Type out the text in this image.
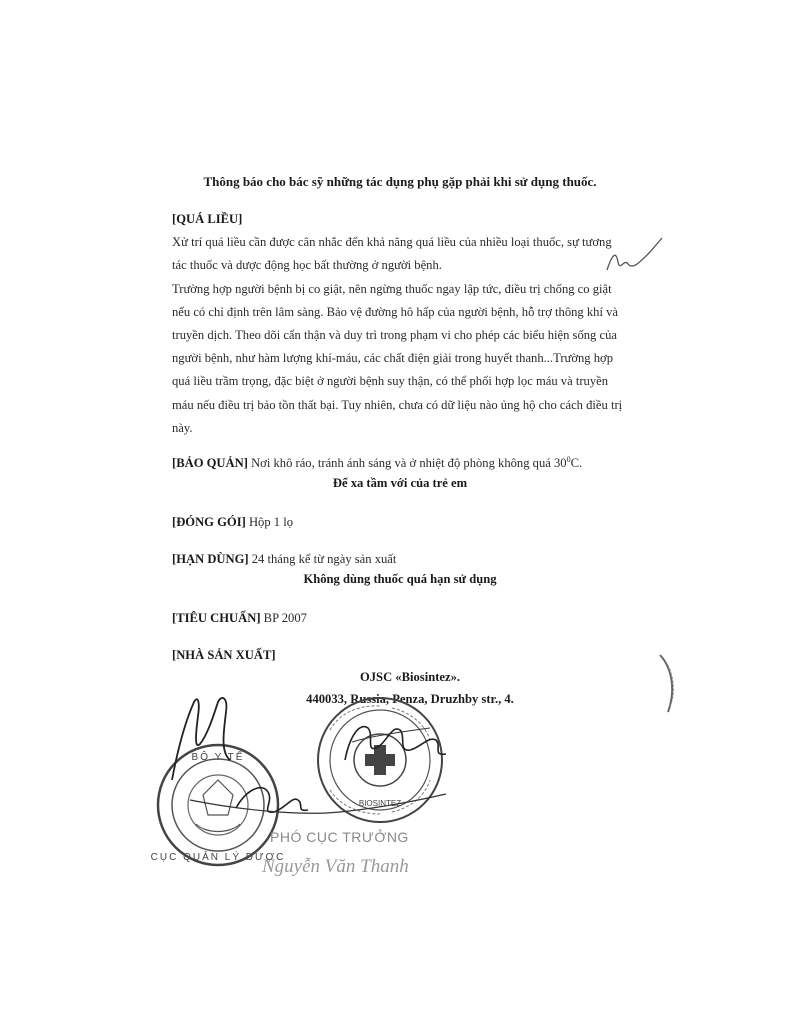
Thông báo cho bác sỹ những tác dụng phụ gặp phải khi sử dụng thuốc.
[QUÁ LIỀU]
Xử trí quá liều cần được cân nhắc đến khả năng quá liều của nhiều loại thuốc, sự tương
tác thuốc và dược động học bất thường ở người bệnh.
Trường hợp người bệnh bị co giật, nên ngừng thuốc ngay lập tức, điều trị chống co giật
nếu có chỉ định trên lâm sàng. Bảo vệ đường hô hấp của người bệnh, hỗ trợ thông khí và
truyền dịch. Theo dõi cẩn thận và duy trì trong phạm vi cho phép các biểu hiện sống của
người bệnh, như hàm lượng khí-máu, các chất điện giải trong huyết thanh...Trường hợp
quá liều trầm trọng, đặc biệt ở người bệnh suy thận, có thể phối hợp lọc máu và truyền
máu nếu điều trị bảo tồn thất bại. Tuy nhiên, chưa có dữ liệu nào ủng hộ cho cách điều trị
này.
[BẢO QUẢN] Nơi khô ráo, tránh ánh sáng và ở nhiệt độ phòng không quá $30^0C$.
Để xa tầm với của trẻ em
[ĐÓNG GÓI] Hộp 1 lọ
[HẠN DÙNG] 24 tháng kể từ ngày sản xuất
Không dùng thuốc quá hạn sử dụng
[TIÊU CHUẨN] BP 2007
[NHÀ SẢN XUẤT]
OJSC «Biosintez».
440033, Russia, Penza, Druzhby str., 4.
BỘ Y TẾ
CỤC QUẢN LÝ DƯỢC
BIOSINTEZ
PHÓ CỤC TRƯỞNG
Nguyễn Văn Thanh
